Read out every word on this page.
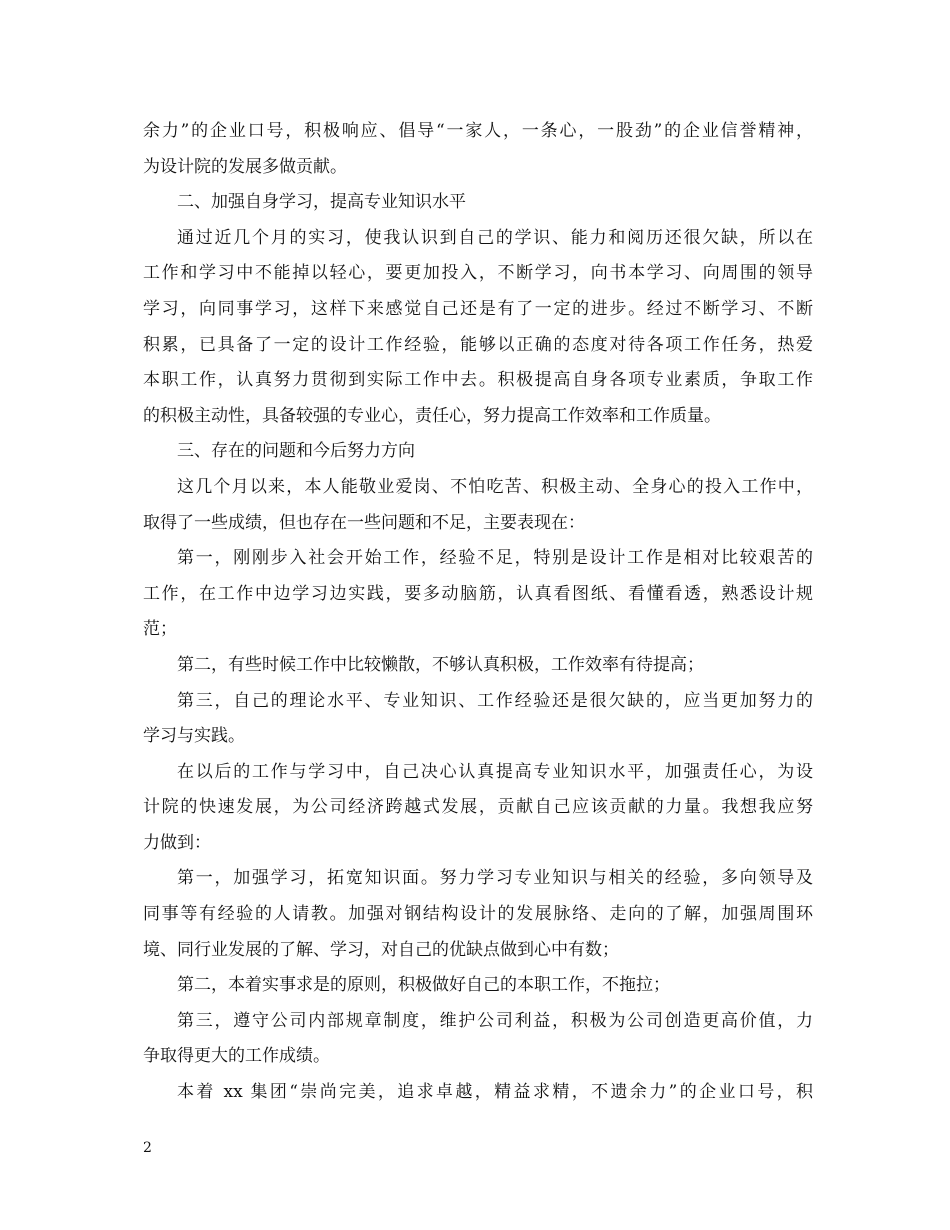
余力”的企业口号，积极响应、倡导“一家人，一条心，一股劲”的企业信誉精神，
为设计院的发展多做贡献。
二、加强自身学习，提高专业知识水平
通过近几个月的实习，使我认识到自己的学识、能力和阅历还很欠缺，所以在
工作和学习中不能掉以轻心，要更加投入，不断学习，向书本学习、向周围的领导
学习，向同事学习，这样下来感觉自己还是有了一定的进步。经过不断学习、不断
积累，已具备了一定的设计工作经验，能够以正确的态度对待各项工作任务，热爱
本职工作，认真努力贯彻到实际工作中去。积极提高自身各项专业素质，争取工作
的积极主动性，具备较强的专业心，责任心，努力提高工作效率和工作质量。
三、存在的问题和今后努力方向
这几个月以来，本人能敬业爱岗、不怕吃苦、积极主动、全身心的投入工作中，
取得了一些成绩，但也存在一些问题和不足，主要表现在：
第一，刚刚步入社会开始工作，经验不足，特别是设计工作是相对比较艰苦的
工作，在工作中边学习边实践，要多动脑筋，认真看图纸、看懂看透，熟悉设计规
范；
第二，有些时候工作中比较懒散，不够认真积极，工作效率有待提高；
第三，自己的理论水平、专业知识、工作经验还是很欠缺的，应当更加努力的
学习与实践。
在以后的工作与学习中，自己决心认真提高专业知识水平，加强责任心，为设
计院的快速发展，为公司经济跨越式发展，贡献自己应该贡献的力量。我想我应努
力做到：
第一，加强学习，拓宽知识面。努力学习专业知识与相关的经验，多向领导及
同事等有经验的人请教。加强对钢结构设计的发展脉络、走向的了解，加强周围环
境、同行业发展的了解、学习，对自己的优缺点做到心中有数；
第二，本着实事求是的原则，积极做好自己的本职工作，不拖拉；
第三，遵守公司内部规章制度，维护公司利益，积极为公司创造更高价值，力
争取得更大的工作成绩。
本着 xx 集团“崇尚完美，追求卓越，精益求精，不遗余力”的企业口号，积
2
